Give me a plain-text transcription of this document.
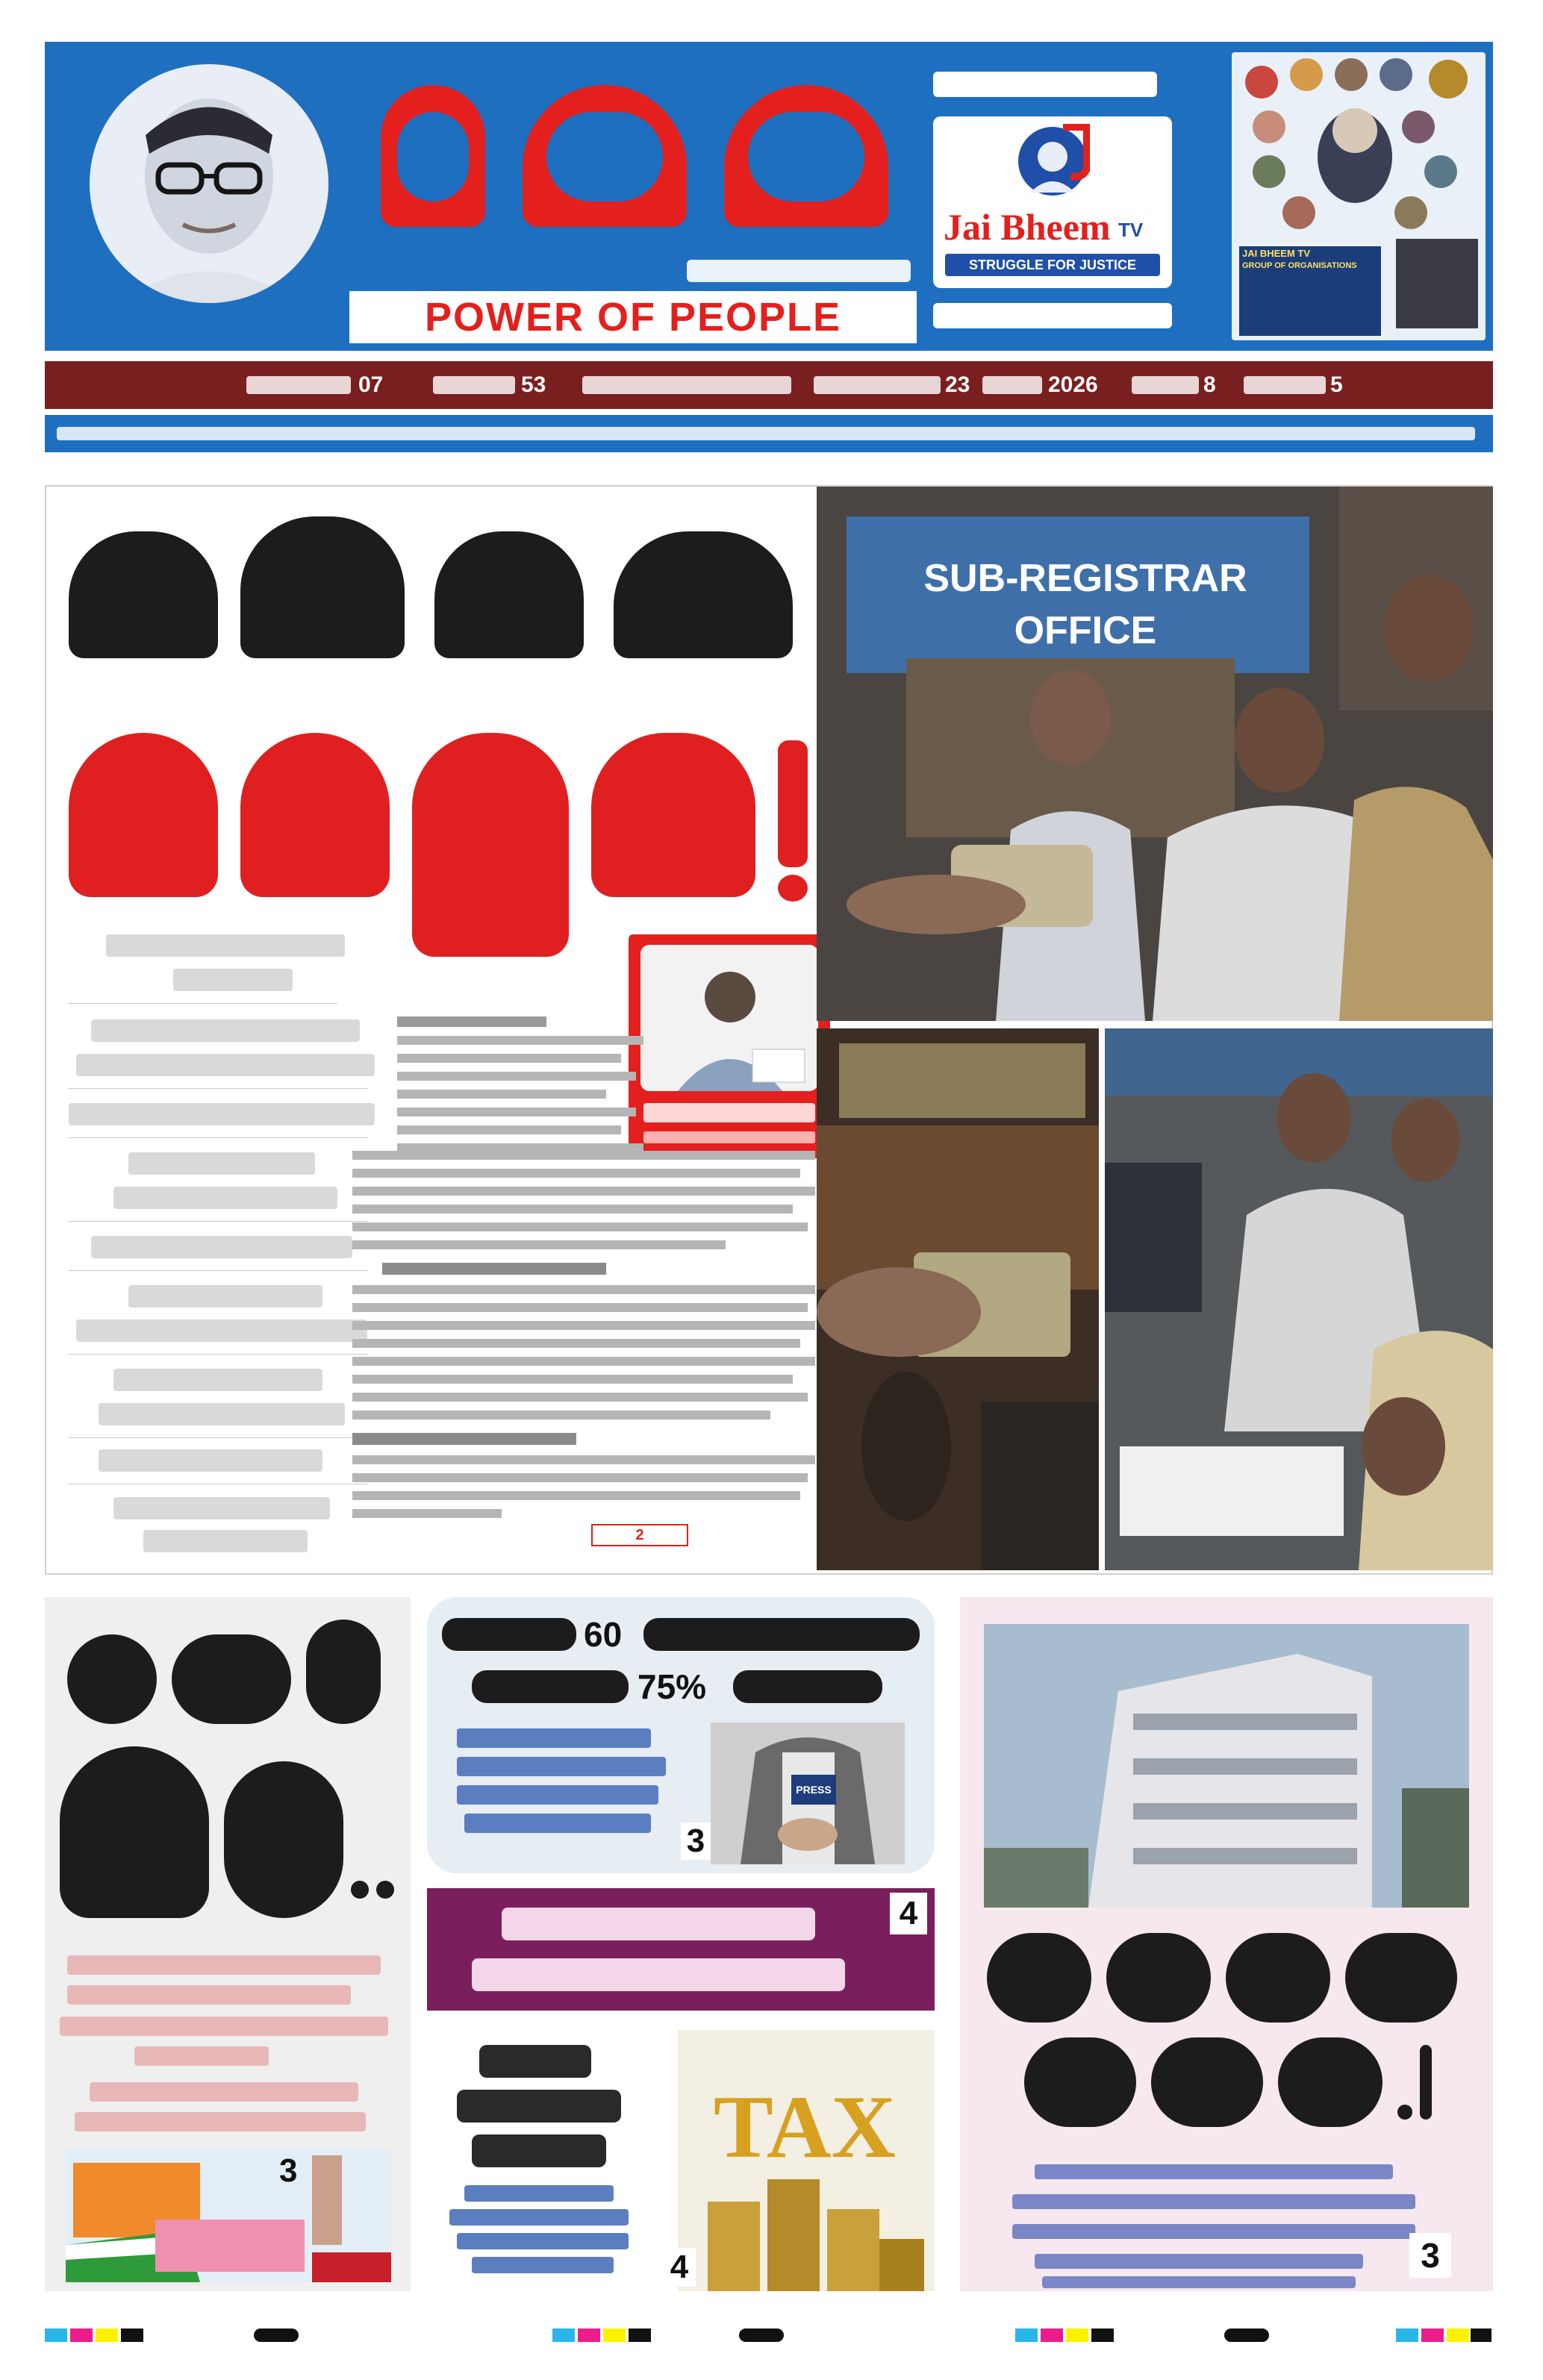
POWER OF PEOPLE
Jai Bheem TV
STRUGGLE FOR JUSTICE
JAI BHEEM TV
GROUP OF ORGANISATIONS
07	53	23	2026	8	5
2
SUB-REGISTRAR OFFICE
3
60
75%
PRESS
3
4
TAX
4	3
